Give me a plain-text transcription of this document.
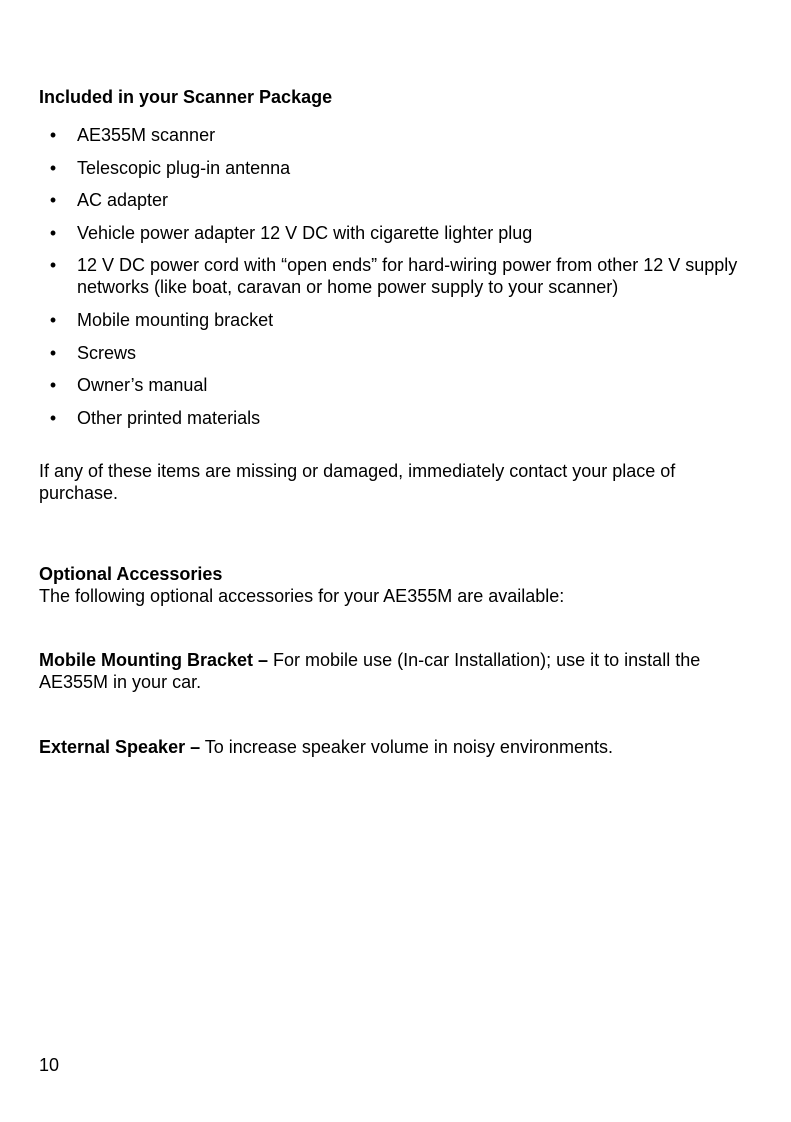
Included in your Scanner Package

• AE355M scanner
• Telescopic plug-in antenna
• AC adapter
• Vehicle power adapter 12 V DC with cigarette lighter plug
• 12 V DC power cord with “open ends” for hard-wiring power from other 12 V supply networks (like boat, caravan or home power supply to your scanner)
• Mobile mounting bracket
• Screws
• Owner’s manual
• Other printed materials

If any of these items are missing or damaged, immediately contact your place of purchase.

Optional Accessories
The following optional accessories for your AE355M are available:

Mobile Mounting Bracket – For mobile use (In-car Installation); use it to install the AE355M in your car.

External Speaker – To increase speaker volume in noisy environments.

10
